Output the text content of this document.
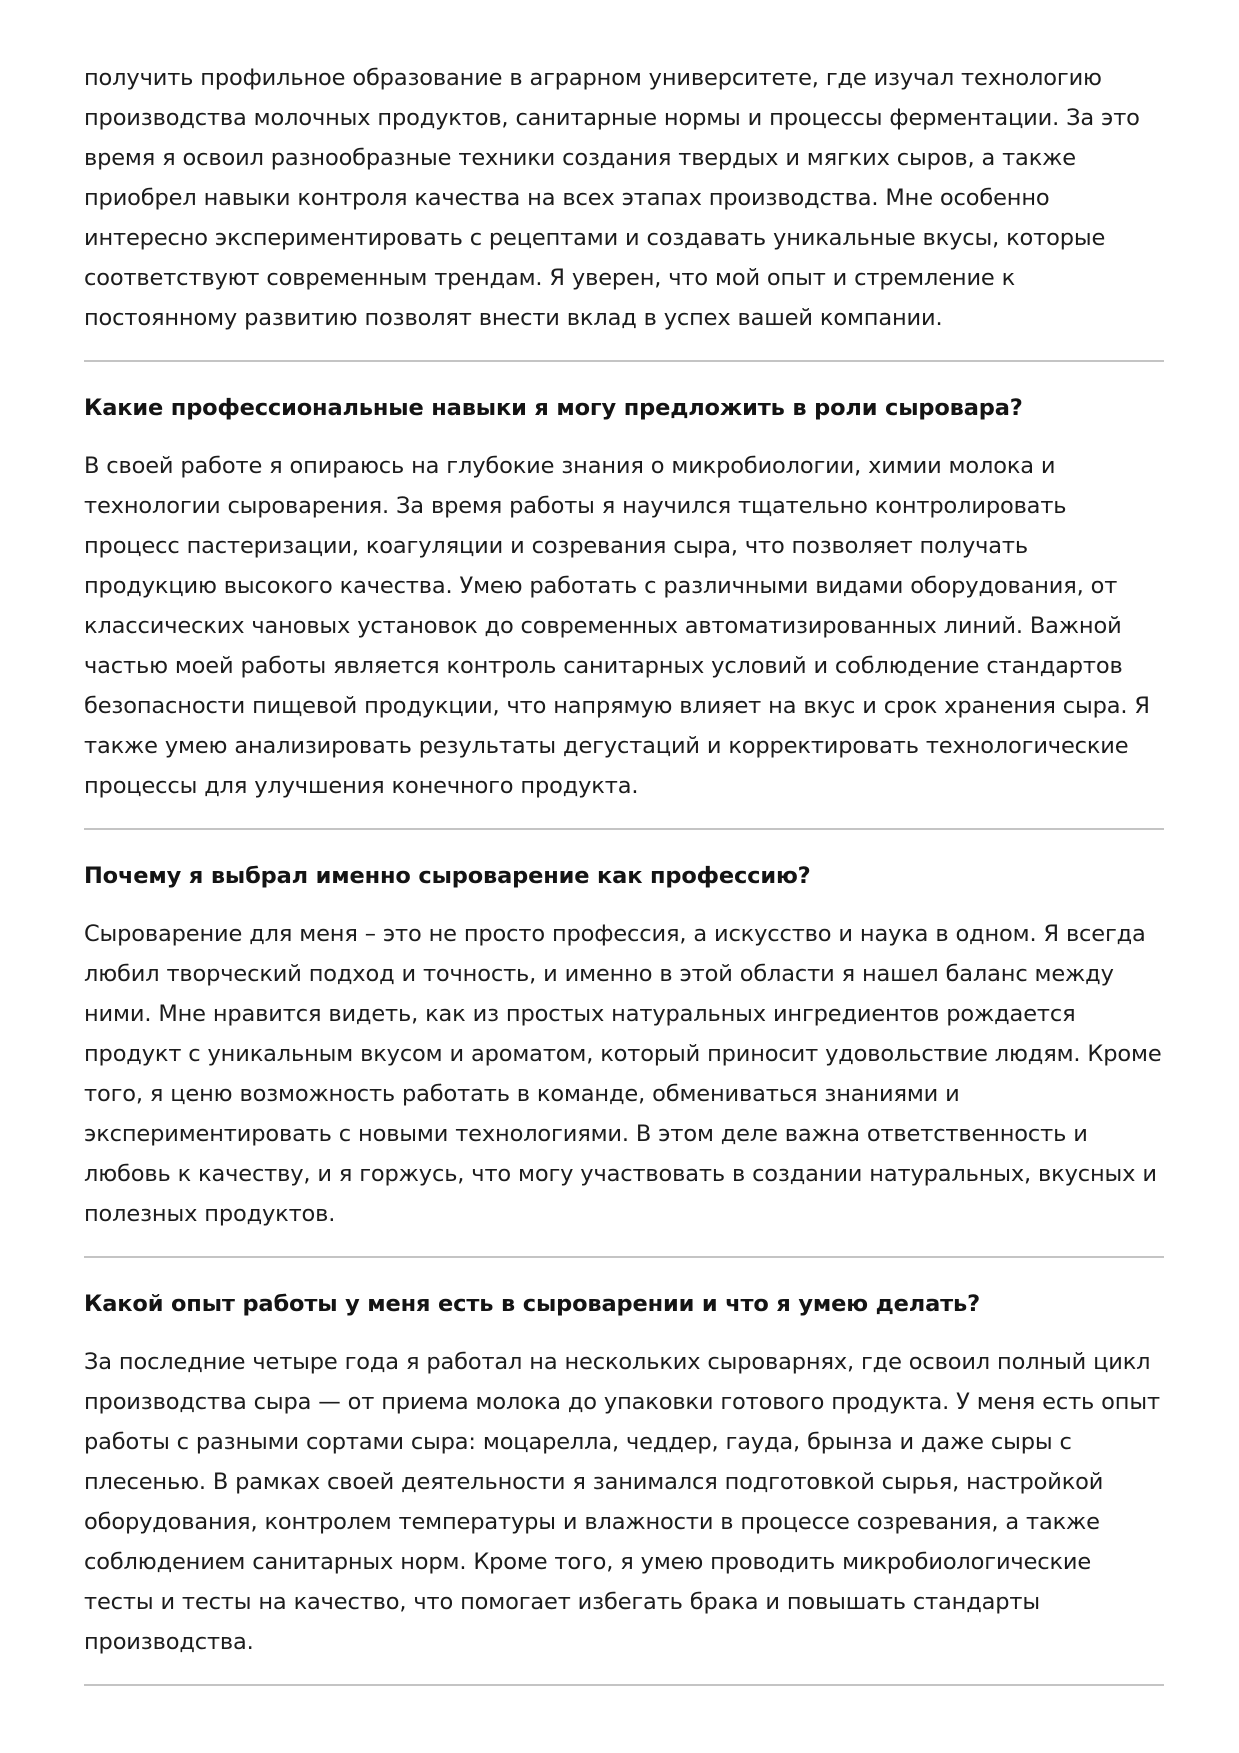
получить профильное образование в аграрном университете, где изучал технологию производства молочных продуктов, санитарные нормы и процессы ферментации. За это время я освоил разнообразные техники создания твердых и мягких сыров, а также приобрел навыки контроля качества на всех этапах производства. Мне особенно интересно экспериментировать с рецептами и создавать уникальные вкусы, которые соответствуют современным трендам. Я уверен, что мой опыт и стремление к постоянному развитию позволят внести вклад в успех вашей компании.

Какие профессиональные навыки я могу предложить в роли сыровара?

В своей работе я опираюсь на глубокие знания о микробиологии, химии молока и технологии сыроварения. За время работы я научился тщательно контролировать процесс пастеризации, коагуляции и созревания сыра, что позволяет получать продукцию высокого качества. Умею работать с различными видами оборудования, от классических чановых установок до современных автоматизированных линий. Важной частью моей работы является контроль санитарных условий и соблюдение стандартов безопасности пищевой продукции, что напрямую влияет на вкус и срок хранения сыра. Я также умею анализировать результаты дегустаций и корректировать технологические процессы для улучшения конечного продукта.

Почему я выбрал именно сыроварение как профессию?

Сыроварение для меня – это не просто профессия, а искусство и наука в одном. Я всегда любил творческий подход и точность, и именно в этой области я нашел баланс между ними. Мне нравится видеть, как из простых натуральных ингредиентов рождается продукт с уникальным вкусом и ароматом, который приносит удовольствие людям. Кроме того, я ценю возможность работать в команде, обмениваться знаниями и экспериментировать с новыми технологиями. В этом деле важна ответственность и любовь к качеству, и я горжусь, что могу участвовать в создании натуральных, вкусных и полезных продуктов.

Какой опыт работы у меня есть в сыроварении и что я умею делать?

За последние четыре года я работал на нескольких сыроварнях, где освоил полный цикл производства сыра — от приема молока до упаковки готового продукта. У меня есть опыт работы с разными сортами сыра: моцарелла, чеддер, гауда, брынза и даже сыры с плесенью. В рамках своей деятельности я занимался подготовкой сырья, настройкой оборудования, контролем температуры и влажности в процессе созревания, а также соблюдением санитарных норм. Кроме того, я умею проводить микробиологические тесты и тесты на качество, что помогает избегать брака и повышать стандарты производства.
